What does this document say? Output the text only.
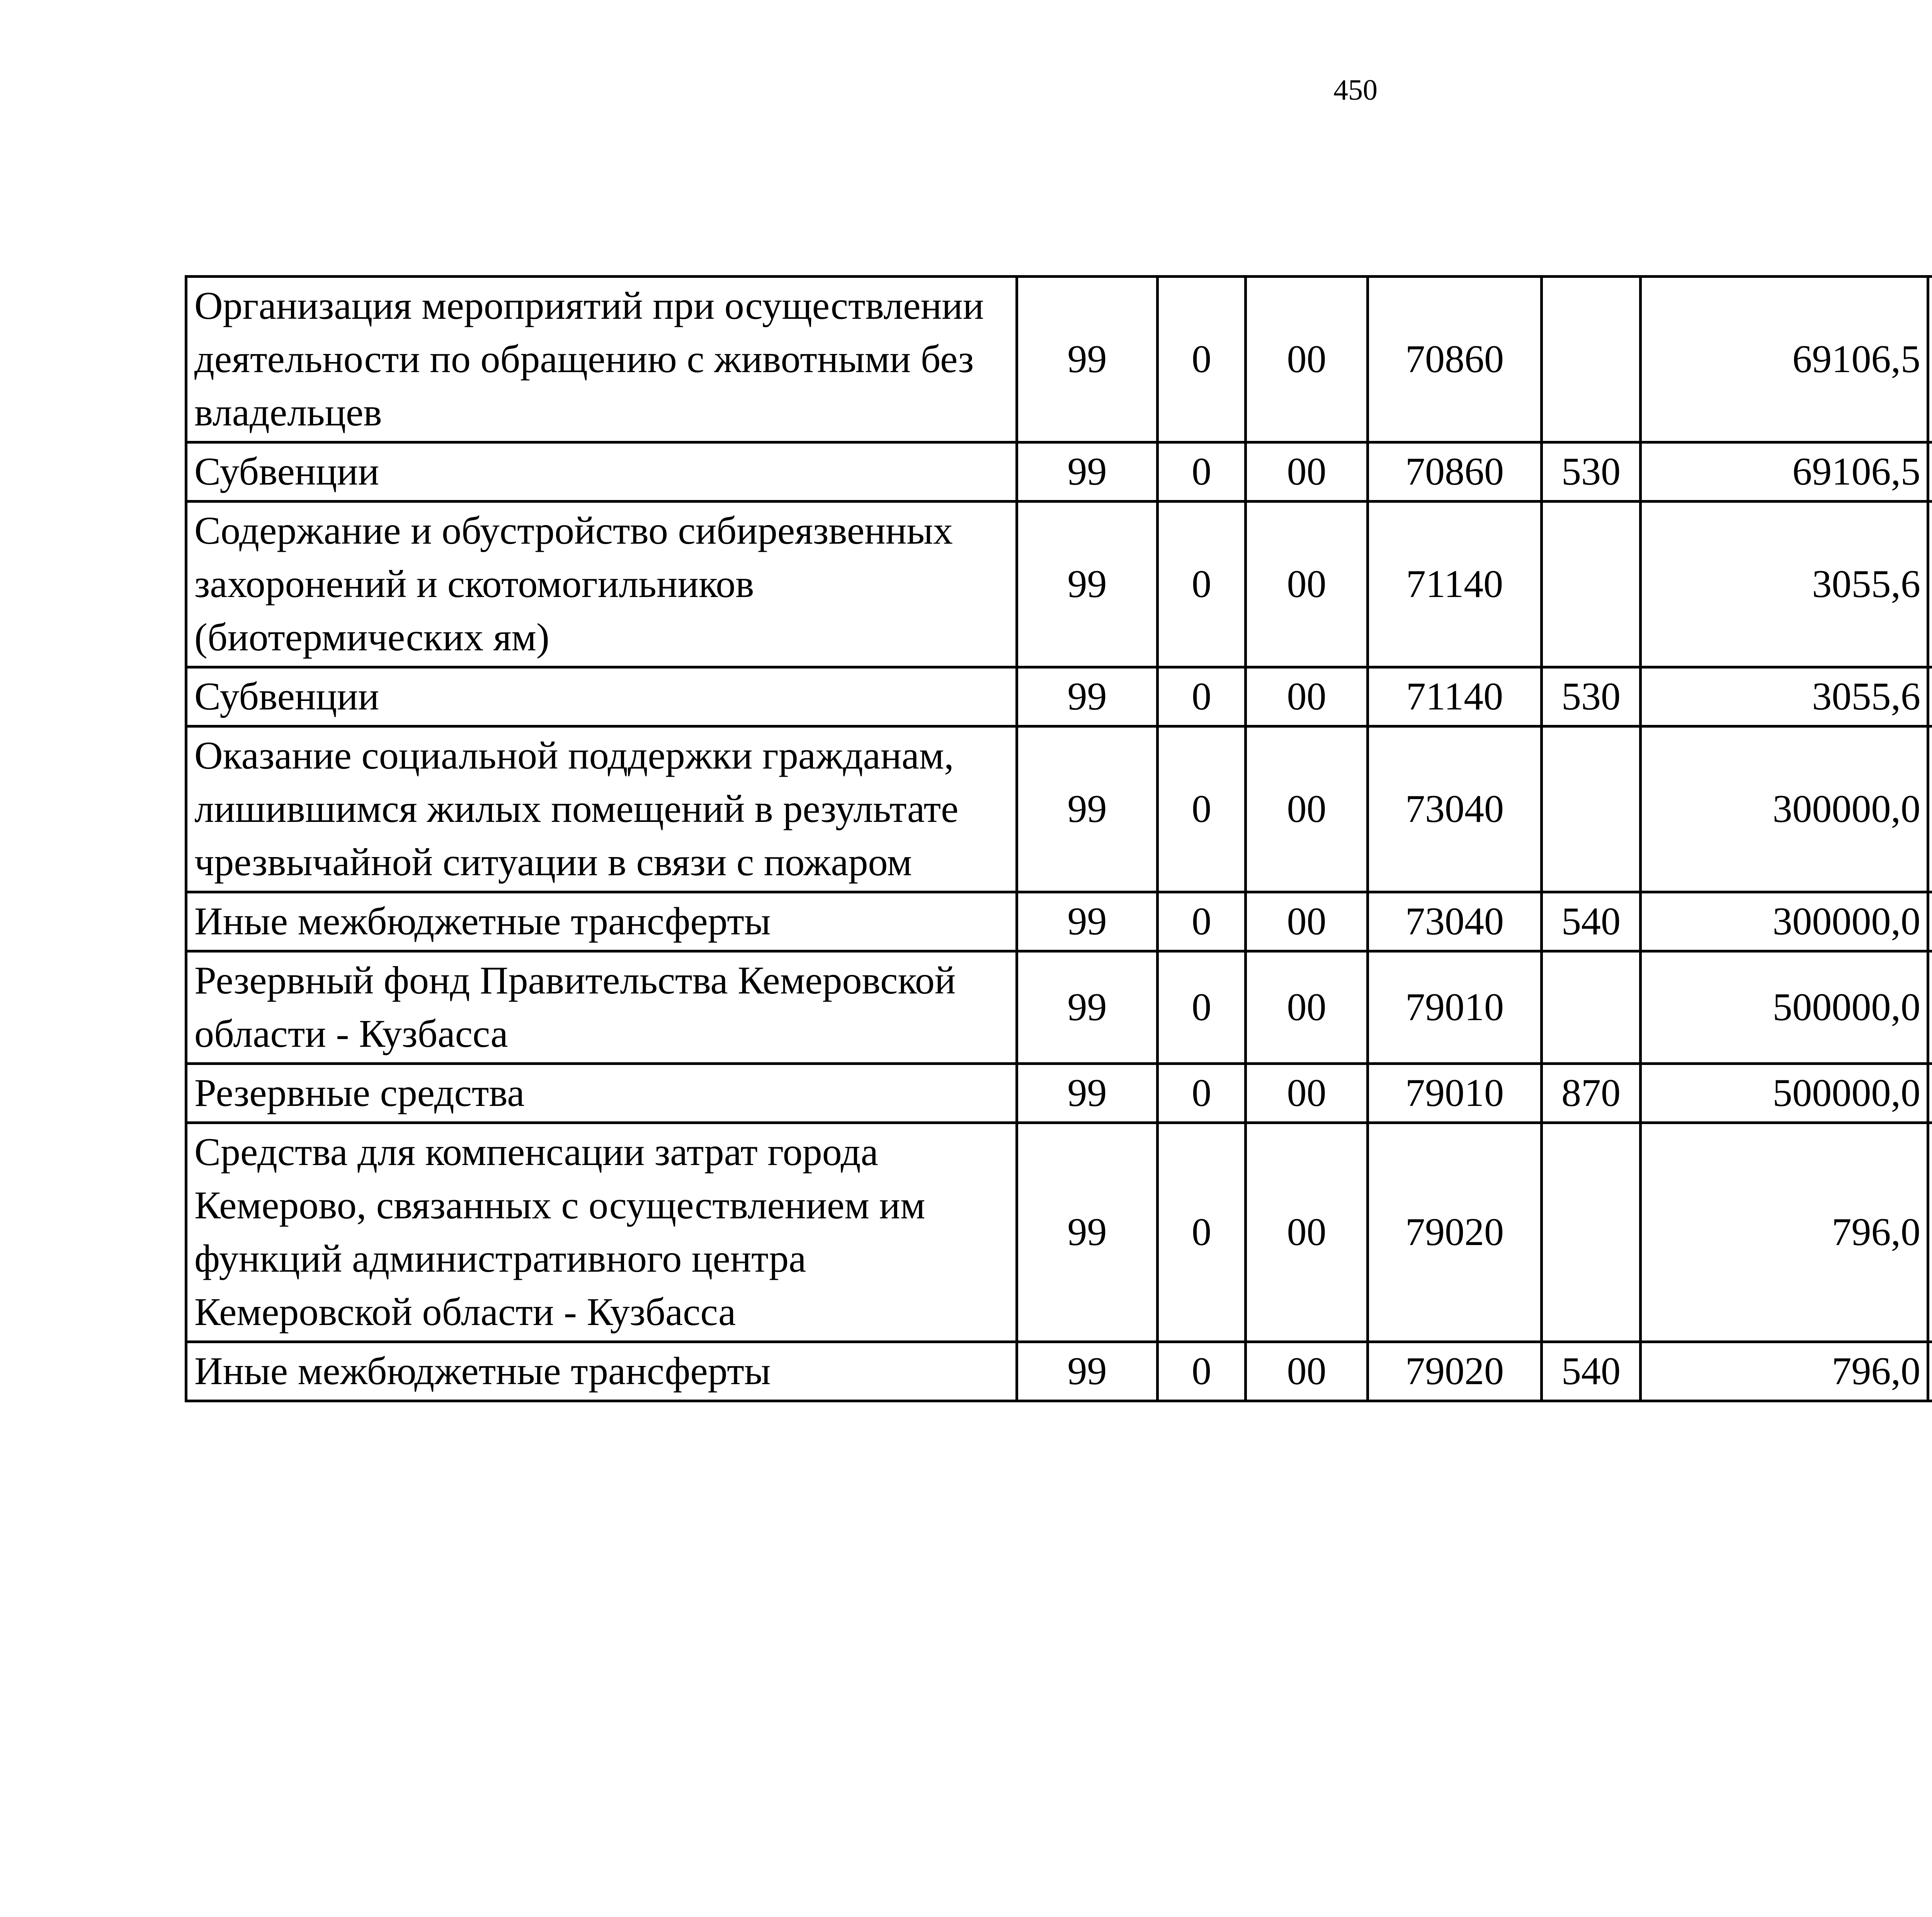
450
Организация мероприятий при осуществлении деятельности по обращению с животными без владельцев	99	0	00	70860		69106,5		
Субвенции	99	0	00	70860	530	69106,5		
Содержание и обустройство сибиреязвенных захоронений и скотомогильников (биотермических ям)	99	0	00	71140		3055,6		
Субвенции	99	0	00	71140	530	3055,6		
Оказание социальной поддержки гражданам, лишившимся жилых помещений в результате чрезвычайной ситуации в связи с пожаром	99	0	00	73040		300000,0		
Иные межбюджетные трансферты	99	0	00	73040	540	300000,0		
Резервный фонд Правительства Кемеровской области - Кузбасса	99	0	00	79010		500000,0		
Резервные средства	99	0	00	79010	870	500000,0		
Средства для компенсации затрат города Кемерово, связанных с осуществлением им функций административного центра Кемеровской области - Кузбасса	99	0	00	79020		796,0		
Иные межбюджетные трансферты	99	0	00	79020	540	796,0		
